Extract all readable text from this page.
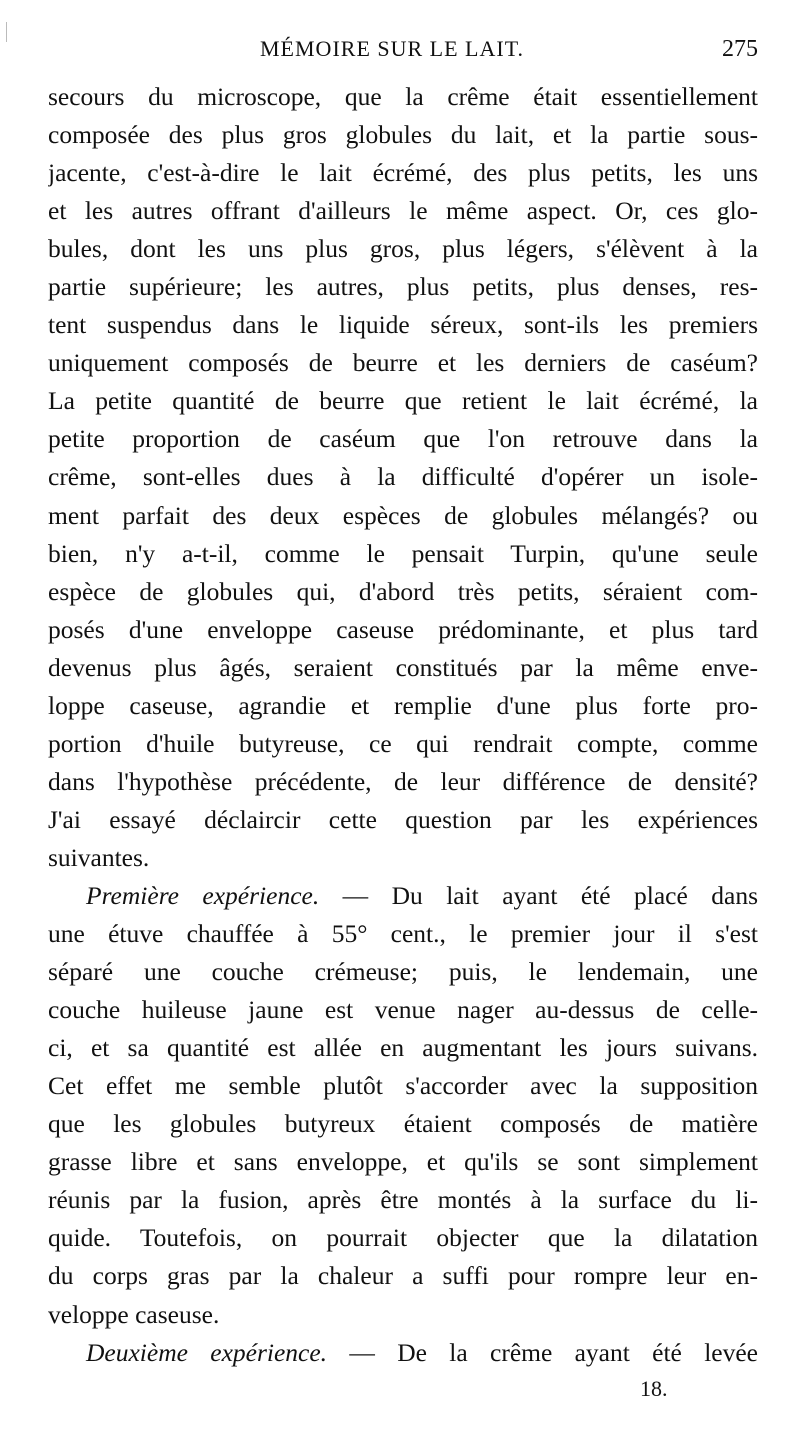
MÉMOIRE SUR LE LAIT.	275
secours du microscope, que la crême était essentiellement
composée des plus gros globules du lait, et la partie sous-
jacente, c'est-à-dire le lait écrémé, des plus petits, les uns
et les autres offrant d'ailleurs le même aspect. Or, ces glo-
bules, dont les uns plus gros, plus légers, s'élèvent à la
partie supérieure; les autres, plus petits, plus denses, res-
tent suspendus dans le liquide séreux, sont-ils les premiers
uniquement composés de beurre et les derniers de caséum?
La petite quantité de beurre que retient le lait écrémé, la
petite proportion de caséum que l'on retrouve dans la
crême, sont-elles dues à la difficulté d'opérer un isole-
ment parfait des deux espèces de globules mélangés? ou
bien, n'y a-t-il, comme le pensait Turpin, qu'une seule
espèce de globules qui, d'abord très petits, séraient com-
posés d'une enveloppe caseuse prédominante, et plus tard
devenus plus âgés, seraient constitués par la même enve-
loppe caseuse, agrandie et remplie d'une plus forte pro-
portion d'huile butyreuse, ce qui rendrait compte, comme
dans l'hypothèse précédente, de leur différence de densité?
J'ai essayé déclaircir cette question par les expériences
suivantes.
Première expérience. — Du lait ayant été placé dans
une étuve chauffée à 55° cent., le premier jour il s'est
séparé une couche crémeuse; puis, le lendemain, une
couche huileuse jaune est venue nager au-dessus de celle-
ci, et sa quantité est allée en augmentant les jours suivans.
Cet effet me semble plutôt s'accorder avec la supposition
que les globules butyreux étaient composés de matière
grasse libre et sans enveloppe, et qu'ils se sont simplement
réunis par la fusion, après être montés à la surface du li-
quide. Toutefois, on pourrait objecter que la dilatation
du corps gras par la chaleur a suffi pour rompre leur en-
veloppe caseuse.
Deuxième expérience. — De la crême ayant été levée
18.
